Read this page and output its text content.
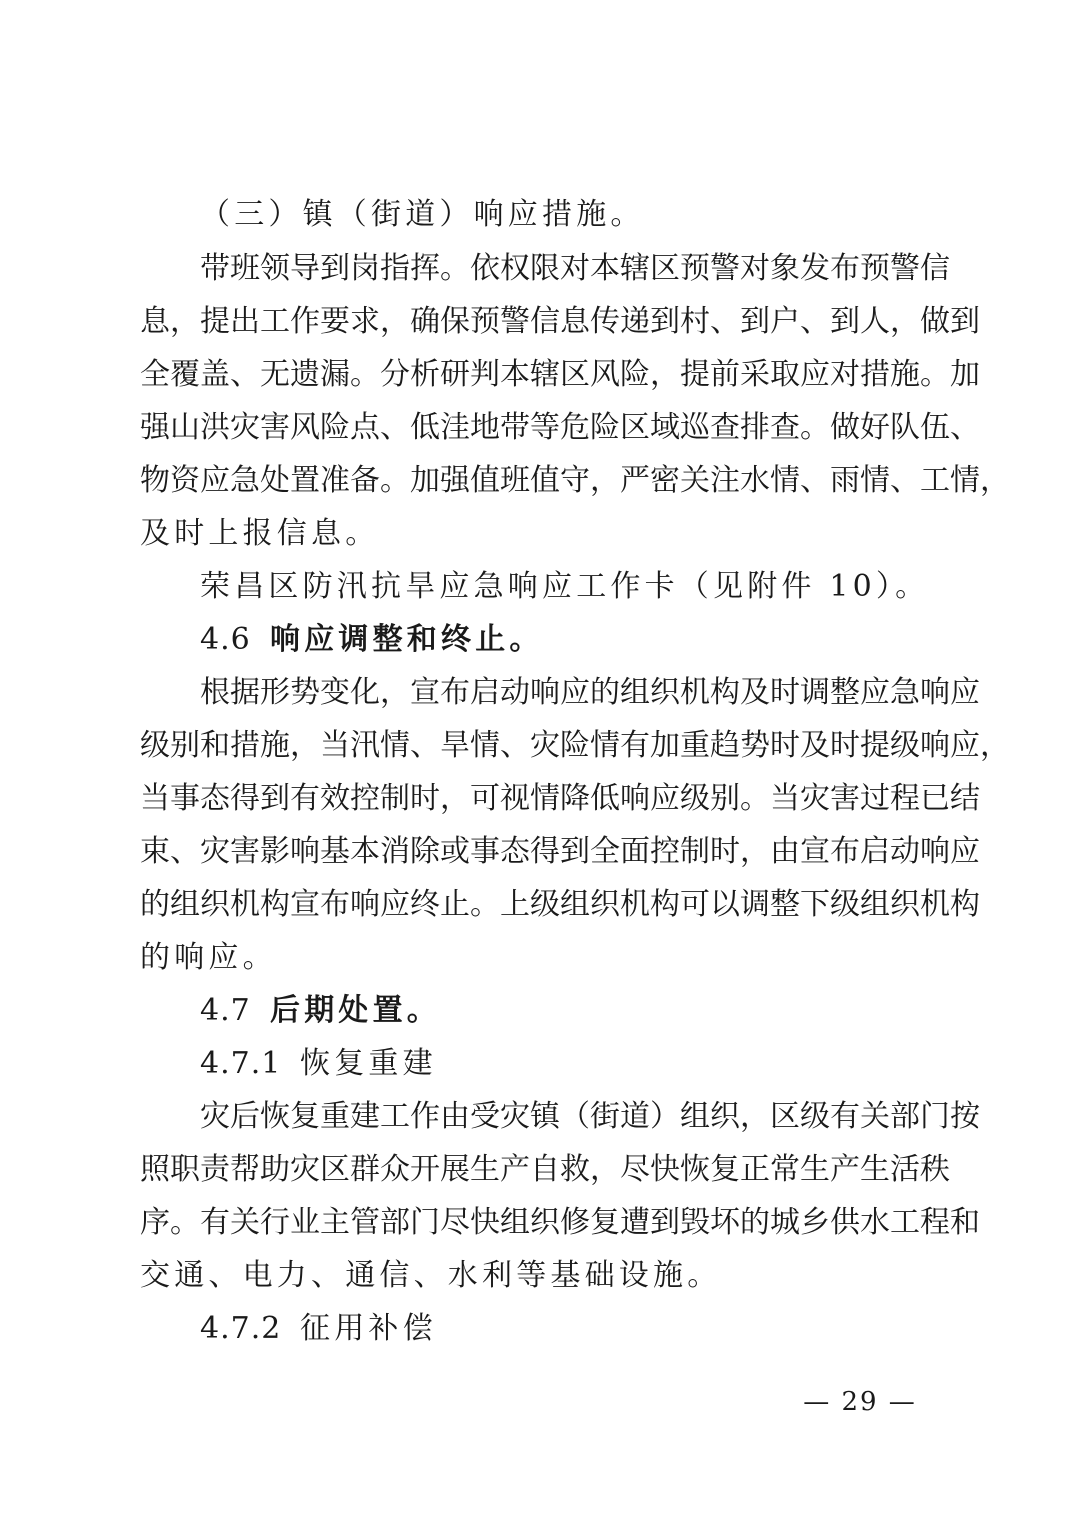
（三）镇（街道）响应措施。
带班领导到岗指挥。依权限对本辖区预警对象发布预警信
息，提出工作要求，确保预警信息传递到村、到户、到人，做到
全覆盖、无遗漏。分析研判本辖区风险，提前采取应对措施。加
强山洪灾害风险点、低洼地带等危险区域巡查排查。做好队伍、
物资应急处置准备。加强值班值守，严密关注水情、雨情、工情，
及时上报信息。
荣昌区防汛抗旱应急响应工作卡（见附件 10）。
4.6 响应调整和终止。
根据形势变化，宣布启动响应的组织机构及时调整应急响应
级别和措施，当汛情、旱情、灾险情有加重趋势时及时提级响应，
当事态得到有效控制时，可视情降低响应级别。当灾害过程已结
束、灾害影响基本消除或事态得到全面控制时，由宣布启动响应
的组织机构宣布响应终止。上级组织机构可以调整下级组织机构
的响应。
4.7 后期处置。
4.7.1 恢复重建
灾后恢复重建工作由受灾镇（街道）组织，区级有关部门按
照职责帮助灾区群众开展生产自救，尽快恢复正常生产生活秩
序。有关行业主管部门尽快组织修复遭到毁坏的城乡供水工程和
交通、电力、通信、水利等基础设施。
4.7.2 征用补偿
— 29 —
